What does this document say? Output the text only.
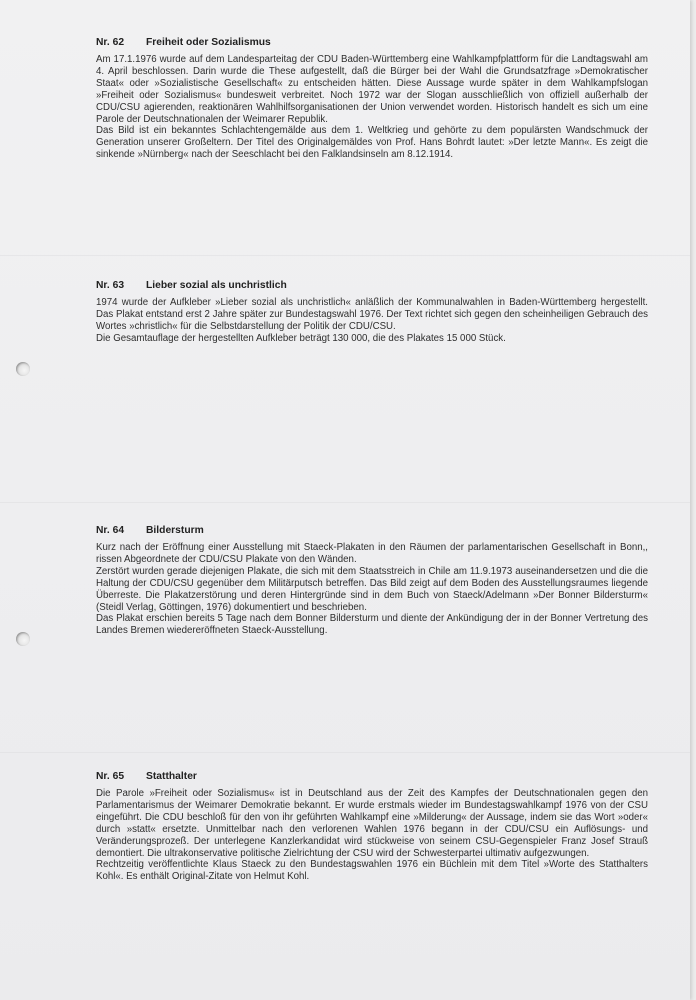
Nr. 62 Freiheit oder Sozialismus

Am 17.1.1976 wurde auf dem Landesparteitag der CDU Baden-Württemberg eine Wahlkampfplattform für die Landtagswahl am 4. April beschlossen. Darin wurde die These aufgestellt, daß die Bürger bei der Wahl die Grundsatzfrage »Demokratischer Staat« oder »Sozialistische Gesellschaft« zu entscheiden hätten. Diese Aussage wurde später in dem Wahlkampfslogan »Freiheit oder Sozialismus« bundesweit verbreitet. Noch 1972 war der Slogan ausschließlich von offiziell außerhalb der CDU/CSU agierenden, reaktionären Wahlhilfsorganisationen der Union verwendet worden. Historisch handelt es sich um eine Parole der Deutschnationalen der Weimarer Republik.

Das Bild ist ein bekanntes Schlachtengemälde aus dem 1. Weltkrieg und gehörte zu dem populärsten Wandschmuck der Generation unserer Großeltern. Der Titel des Originalgemäldes von Prof. Hans Bohrdt lautet: »Der letzte Mann«. Es zeigt die sinkende »Nürnberg« nach der Seeschlacht bei den Falklandsinseln am 8.12.1914.

Nr. 63 Lieber sozial als unchristlich

1974 wurde der Aufkleber »Lieber sozial als unchristlich« anläßlich der Kommunalwahlen in Baden-Württemberg hergestellt. Das Plakat entstand erst 2 Jahre später zur Bundestagswahl 1976. Der Text richtet sich gegen den scheinheiligen Gebrauch des Wortes »christlich« für die Selbstdarstellung der Politik der CDU/CSU.

Die Gesamtauflage der hergestellten Aufkleber beträgt 130 000, die des Plakates 15 000 Stück.

Nr. 64 Bildersturm

Kurz nach der Eröffnung einer Ausstellung mit Staeck-Plakaten in den Räumen der parlamentarischen Gesellschaft in Bonn,, rissen Abgeordnete der CDU/CSU Plakate von den Wänden.

Zerstört wurden gerade diejenigen Plakate, die sich mit dem Staatsstreich in Chile am 11.9.1973 auseinandersetzen und die die Haltung der CDU/CSU gegenüber dem Militärputsch betreffen. Das Bild zeigt auf dem Boden des Ausstellungsraumes liegende Überreste. Die Plakatzerstörung und deren Hintergründe sind in dem Buch von Staeck/Adelmann »Der Bonner Bildersturm« (Steidl Verlag, Göttingen, 1976) dokumentiert und beschrieben.

Das Plakat erschien bereits 5 Tage nach dem Bonner Bildersturm und diente der Ankündigung der in der Bonner Vertretung des Landes Bremen wiedereröffneten Staeck-Ausstellung.

Nr. 65 Statthalter

Die Parole »Freiheit oder Sozialismus« ist in Deutschland aus der Zeit des Kampfes der Deutschnationalen gegen den Parlamentarismus der Weimarer Demokratie bekannt. Er wurde erstmals wieder im Bundestagswahlkampf 1976 von der CSU eingeführt. Die CDU beschloß für den von ihr geführten Wahlkampf eine »Milderung« der Aussage, indem sie das Wort »oder« durch »statt« ersetzte. Unmittelbar nach den verlorenen Wahlen 1976 begann in der CDU/CSU ein Auflösungs- und Veränderungsprozeß. Der unterlegene Kanzlerkandidat wird stückweise von seinem CSU-Gegenspieler Franz Josef Strauß demontiert. Die ultrakonservative politische Zielrichtung der CSU wird der Schwesterpartei ultimativ aufgezwungen.

Rechtzeitig veröffentlichte Klaus Staeck zu den Bundestagswahlen 1976 ein Büchlein mit dem Titel »Worte des Statthalters Kohl«. Es enthält Original-Zitate von Helmut Kohl.
